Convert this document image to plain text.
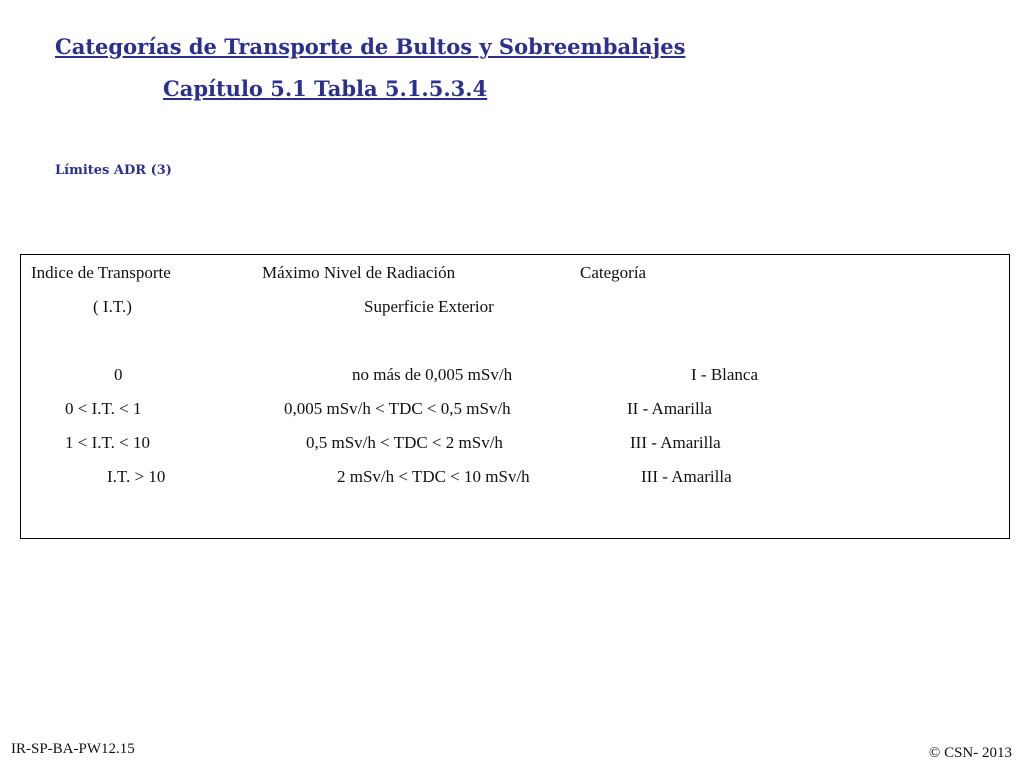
Categorías de Transporte de Bultos y Sobreembalajes
Capítulo 5.1 Tabla 5.1.5.3.4
Límites ADR (3)
Indice de Transporte	Máximo Nivel de Radiación	Categoría
( I.T.)	Superficie Exterior
0	no más de 0,005 mSv/h	I - Blanca
0 < I.T. < 1	0,005 mSv/h < TDC < 0,5 mSv/h	II - Amarilla
1 < I.T. < 10	0,5 mSv/h < TDC < 2 mSv/h	III - Amarilla
I.T. > 10	2 mSv/h < TDC < 10 mSv/h	III - Amarilla
IR-SP-BA-PW12.15	© CSN- 2013
